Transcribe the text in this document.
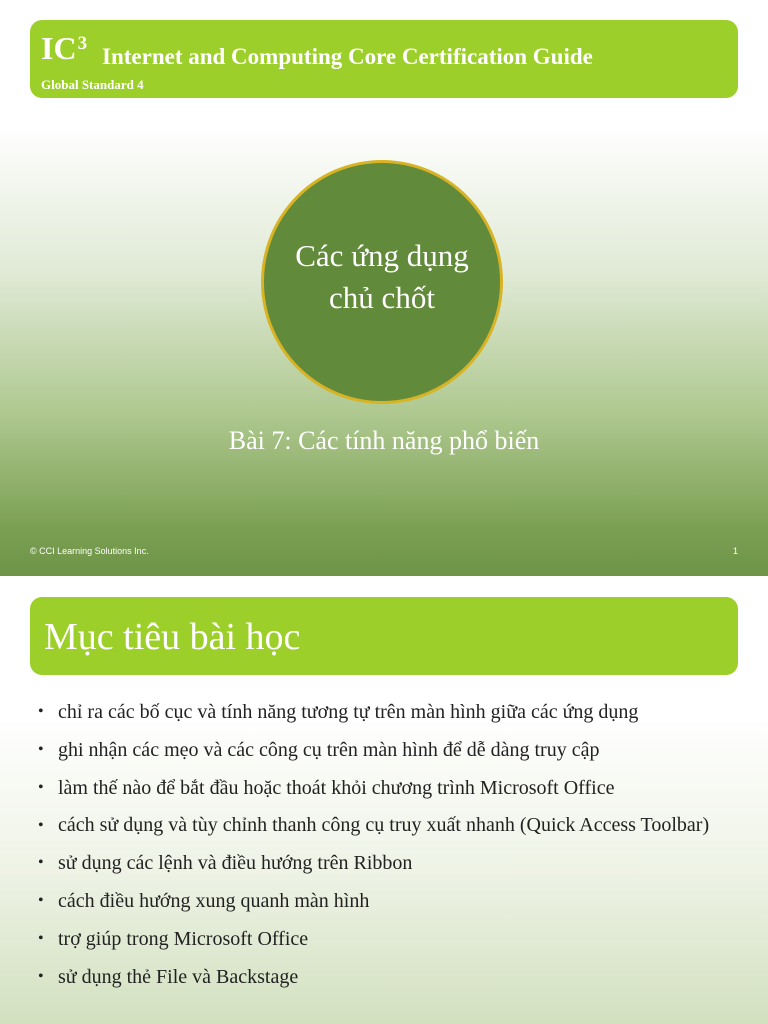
$IC^3$
Internet and Computing Core Certification Guide
Global Standard 4
Các ứng dụng
chủ chốt
Bài 7: Các tính năng phổ biến
© CCI Learning Solutions Inc.	1
Mục tiêu bài học
• chỉ ra các bố cục và tính năng tương tự trên màn hình giữa các ứng dụng
• ghi nhận các mẹo và các công cụ trên màn hình để dễ dàng truy cập
• làm thế nào để bắt đầu hoặc thoát khỏi chương trình Microsoft Office
• cách sử dụng và tùy chỉnh thanh công cụ truy xuất nhanh (Quick Access Toolbar)
• sử dụng các lệnh và điều hướng trên Ribbon
• cách điều hướng xung quanh màn hình
• trợ giúp trong Microsoft Office
• sử dụng thẻ File và Backstage
